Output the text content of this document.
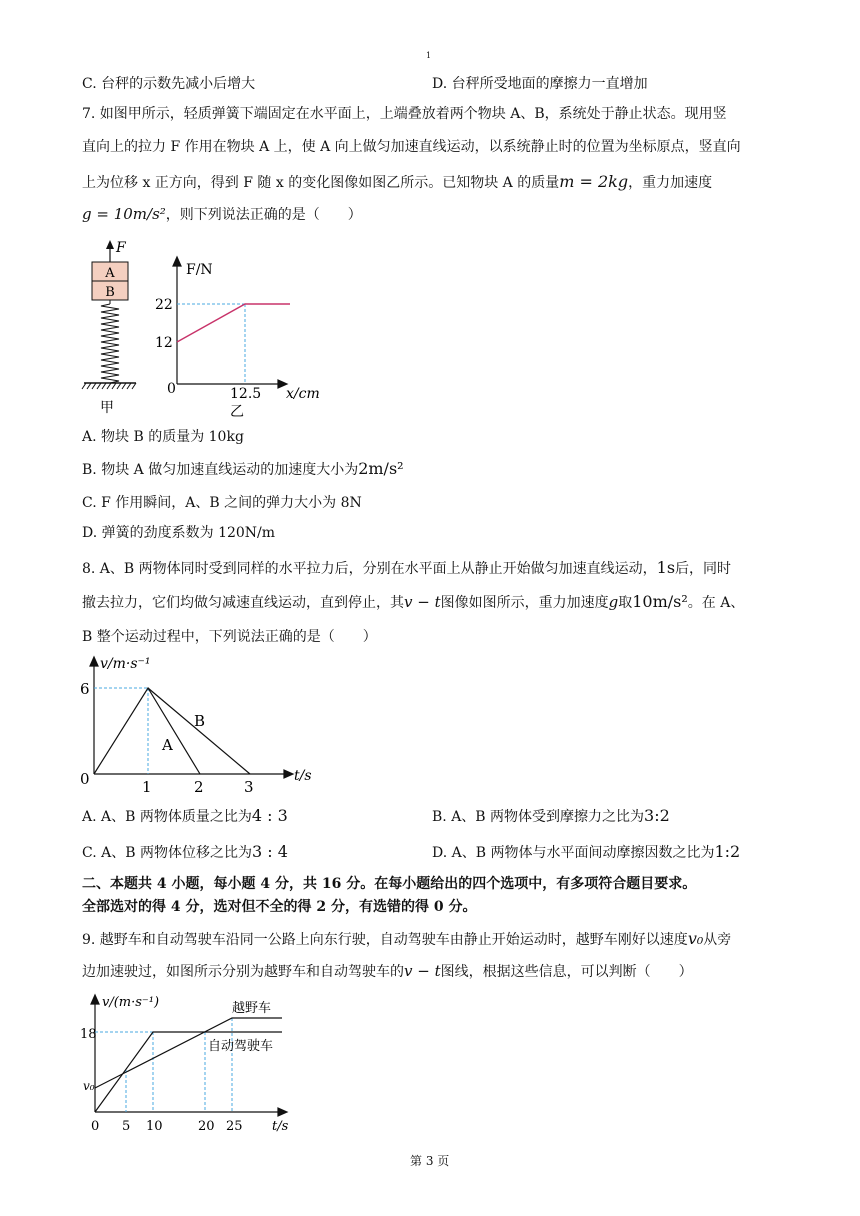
1
C. 台秤的示数先减小后增大	D. 台秤所受地面的摩擦力一直增加
7. 如图甲所示，轻质弹簧下端固定在水平面上，上端叠放着两个物块 A、B，系统处于静止状态。现用竖
直向上的拉力 F 作用在物块 A 上，使 A 向上做匀加速直线运动，以系统静止时的位置为坐标原点，竖直向
上为位移 x 正方向，得到 F 随 x 的变化图像如图乙所示。已知物块 A 的质量m = 2kg，重力加速度
g = 10m/s²，则下列说法正确的是（　　）
F
A
B
甲
F/N
x/cm
0
22
12
12.5
乙
A. 物块 B 的质量为 10kg
B. 物块 A 做匀加速直线运动的加速度大小为2m/s²
C. F 作用瞬间，A、B 之间的弹力大小为 8N
D. 弹簧的劲度系数为 120N/m
8. A、B 两物体同时受到同样的水平拉力后，分别在水平面上从静止开始做匀加速直线运动，1s后，同时
撤去拉力，它们均做匀减速直线运动，直到停止，其v − t图像如图所示，重力加速度g取10m/s²。在 A、
B 整个运动过程中，下列说法正确的是（　　）
v/m·s⁻¹
t/s
0
6
1	2	3
A
B
A. A、B 两物体质量之比为4 : 3	B. A、B 两物体受到摩擦力之比为3:2
C. A、B 两物体位移之比为3 : 4	D. A、B 两物体与水平面间动摩擦因数之比为1:2
二、本题共 4 小题，每小题 4 分，共 16 分。在每小题给出的四个选项中，有多项符合题目要求。
全部选对的得 4 分，选对但不全的得 2 分，有选错的得 0 分。
9. 越野车和自动驾驶车沿同一公路上向东行驶，自动驾驶车由静止开始运动时，越野车刚好以速度v₀从旁
边加速驶过，如图所示分别为越野车和自动驾驶车的v − t图线，根据这些信息，可以判断（　　）
v/(m·s⁻¹)
t/s
0
18
v₀
5 10	20 25
越野车
自动驾驶车
第 3 页
